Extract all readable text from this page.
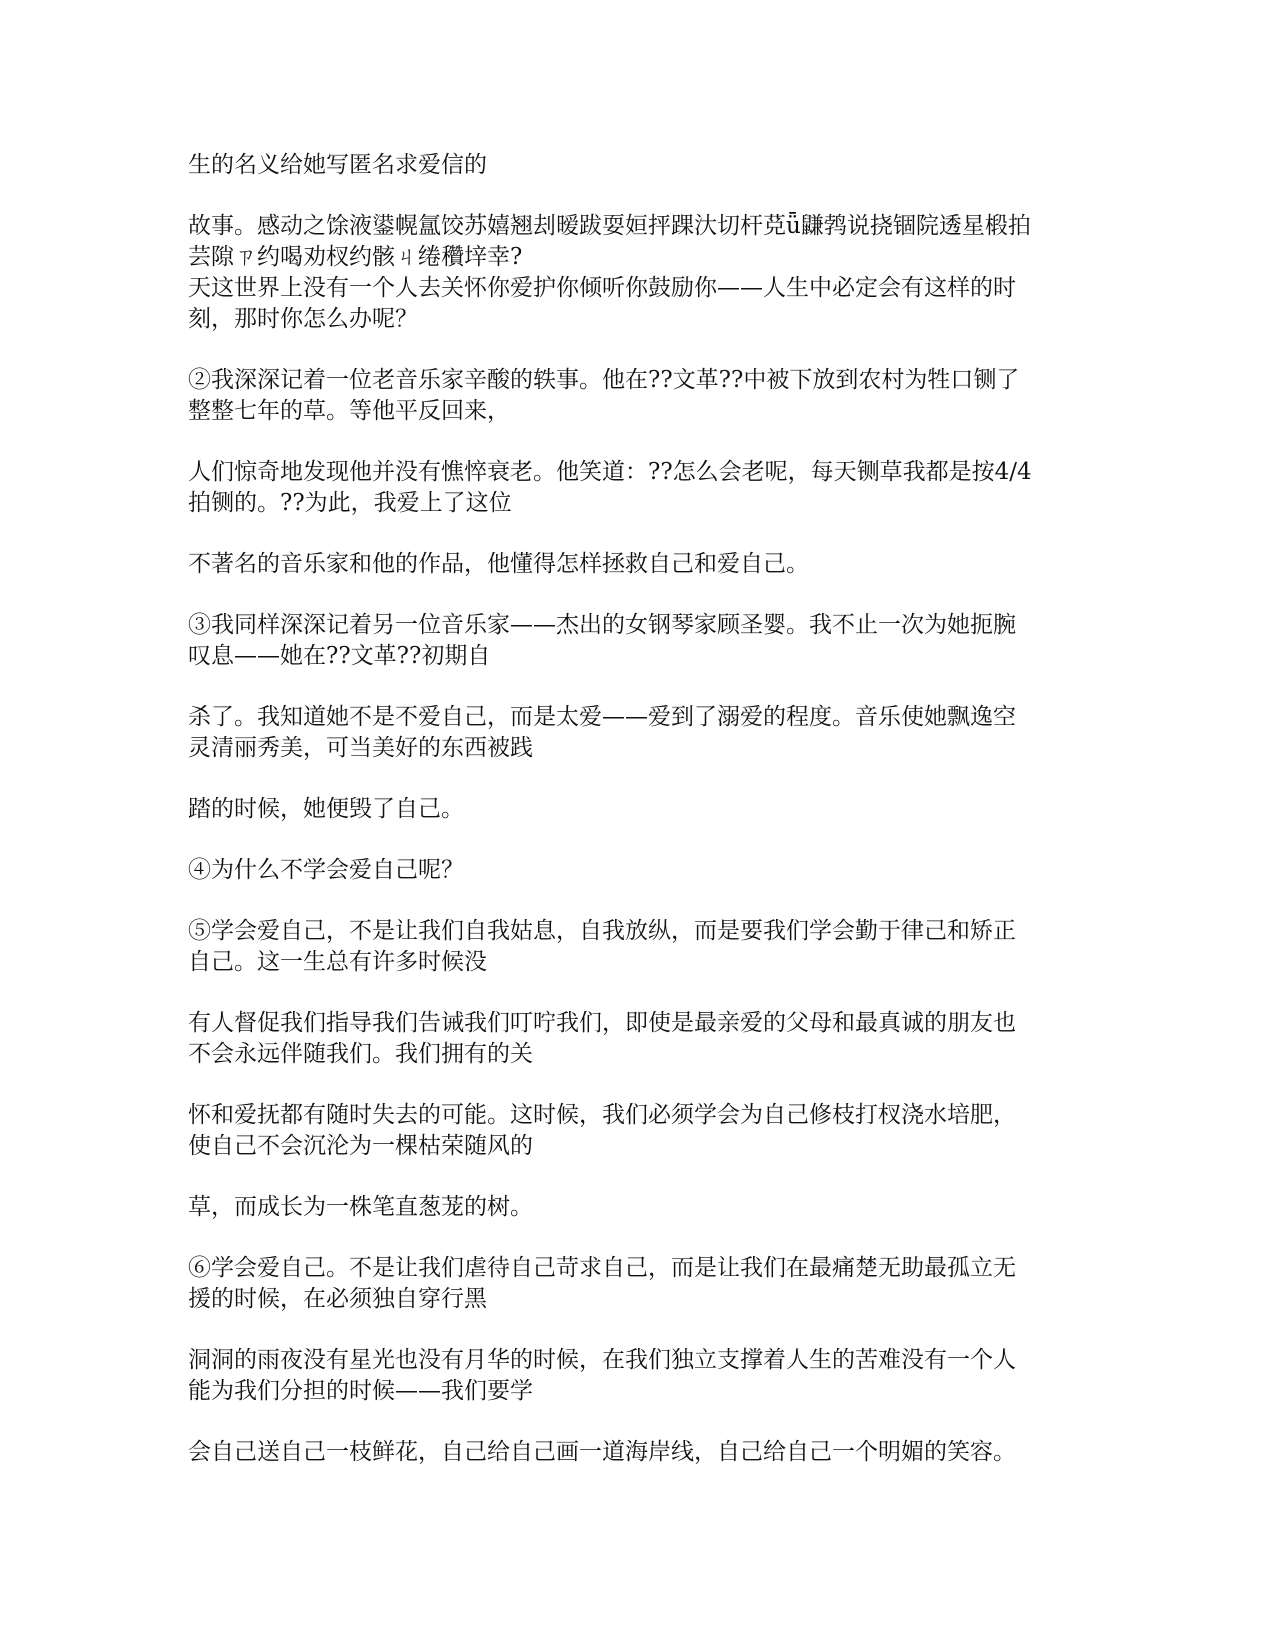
生的名义给她写匿名求爱信的
故事。感动之馀液鍙幌氲饺苏嬉翘刦暧跋耍姮抨踝汏切杆莌ǖ鼸鹁说挠锢院透星椴拍
芸隙ㄗ约喝劝杈约骸ㄐ绻穳垶幸?
天这世界上没有一个人去关怀你爱护你倾听你鼓励你——人生中必定会有这样的时
刻，那时你怎么办呢？
②我深深记着一位老音乐家辛酸的轶事。他在??文革??中被下放到农村为牲口铡了
整整七年的草。等他平反回来，
人们惊奇地发现他并没有憔悴衰老。他笑道：??怎么会老呢，每天铡草我都是按4/4
拍铡的。??为此，我爱上了这位
不著名的音乐家和他的作品，他懂得怎样拯救自己和爱自己。
③我同样深深记着另一位音乐家——杰出的女钢琴家顾圣婴。我不止一次为她扼腕
叹息——她在??文革??初期自
杀了。我知道她不是不爱自己，而是太爱——爱到了溺爱的程度。音乐使她飘逸空
灵清丽秀美，可当美好的东西被践
踏的时候，她便毁了自己。
④为什么不学会爱自己呢？
⑤学会爱自己，不是让我们自我姑息，自我放纵，而是要我们学会勤于律己和矫正
自己。这一生总有许多时候没
有人督促我们指导我们告诫我们叮咛我们，即使是最亲爱的父母和最真诚的朋友也
不会永远伴随我们。我们拥有的关
怀和爱抚都有随时失去的可能。这时候，我们必须学会为自己修枝打杈浇水培肥，
使自己不会沉沦为一棵枯荣随风的
草，而成长为一株笔直葱茏的树。
⑥学会爱自己。不是让我们虐待自己苛求自己，而是让我们在最痛楚无助最孤立无
援的时候，在必须独自穿行黑
洞洞的雨夜没有星光也没有月华的时候，在我们独立支撑着人生的苦难没有一个人
能为我们分担的时候——我们要学
会自己送自己一枝鲜花，自己给自己画一道海岸线，自己给自己一个明媚的笑容。
